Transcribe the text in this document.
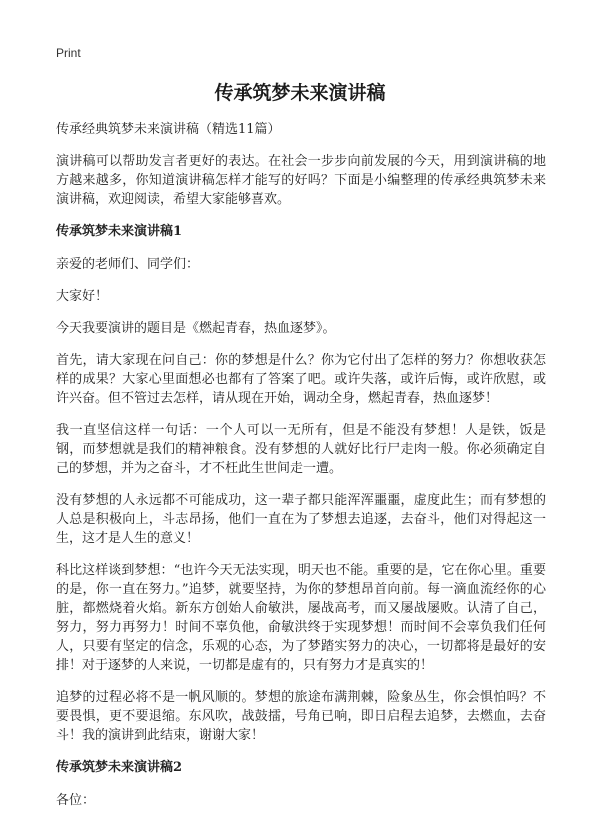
Print
传承筑梦未来演讲稿

传承经典筑梦未来演讲稿（精选11篇）

演讲稿可以帮助发言者更好的表达。在社会一步步向前发展的今天，用到演讲稿的地方越来越多，你知道演讲稿怎样才能写的好吗？下面是小编整理的传承经典筑梦未来演讲稿，欢迎阅读，希望大家能够喜欢。

传承筑梦未来演讲稿1

亲爱的老师们、同学们：

大家好！

今天我要演讲的题目是《燃起青春，热血逐梦》。

首先，请大家现在问自己：你的梦想是什么？你为它付出了怎样的努力？你想收获怎样的成果？大家心里面想必也都有了答案了吧。或许失落，或许后悔，或许欣慰，或许兴奋。但不管过去怎样，请从现在开始，调动全身，燃起青春，热血逐梦！

我一直坚信这样一句话：一个人可以一无所有，但是不能没有梦想！人是铁，饭是钢，而梦想就是我们的精神粮食。没有梦想的人就好比行尸走肉一般。你必须确定自己的梦想，并为之奋斗，才不枉此生世间走一遭。

没有梦想的人永远都不可能成功，这一辈子都只能浑浑噩噩，虚度此生；而有梦想的人总是积极向上，斗志昂扬，他们一直在为了梦想去追逐，去奋斗，他们对得起这一生，这才是人生的意义！

科比这样谈到梦想：“也许今天无法实现，明天也不能。重要的是，它在你心里。重要的是，你一直在努力。”追梦，就要坚持，为你的梦想昂首向前。每一滴血流经你的心脏，都燃烧着火焰。新东方创始人俞敏洪，屡战高考，而又屡战屡败。认清了自己，努力，努力再努力！时间不辜负他，俞敏洪终于实现梦想！而时间不会辜负我们任何人，只要有坚定的信念，乐观的心态，为了梦踏实努力的决心，一切都将是最好的安排！对于逐梦的人来说，一切都是虚有的，只有努力才是真实的！

追梦的过程必将不是一帆风顺的。梦想的旅途布满荆棘，险象丛生，你会惧怕吗？不要畏惧，更不要退缩。东风吹，战鼓擂，号角已响，即日启程去追梦，去燃血，去奋斗！我的演讲到此结束，谢谢大家！

传承筑梦未来演讲稿2

各位：
